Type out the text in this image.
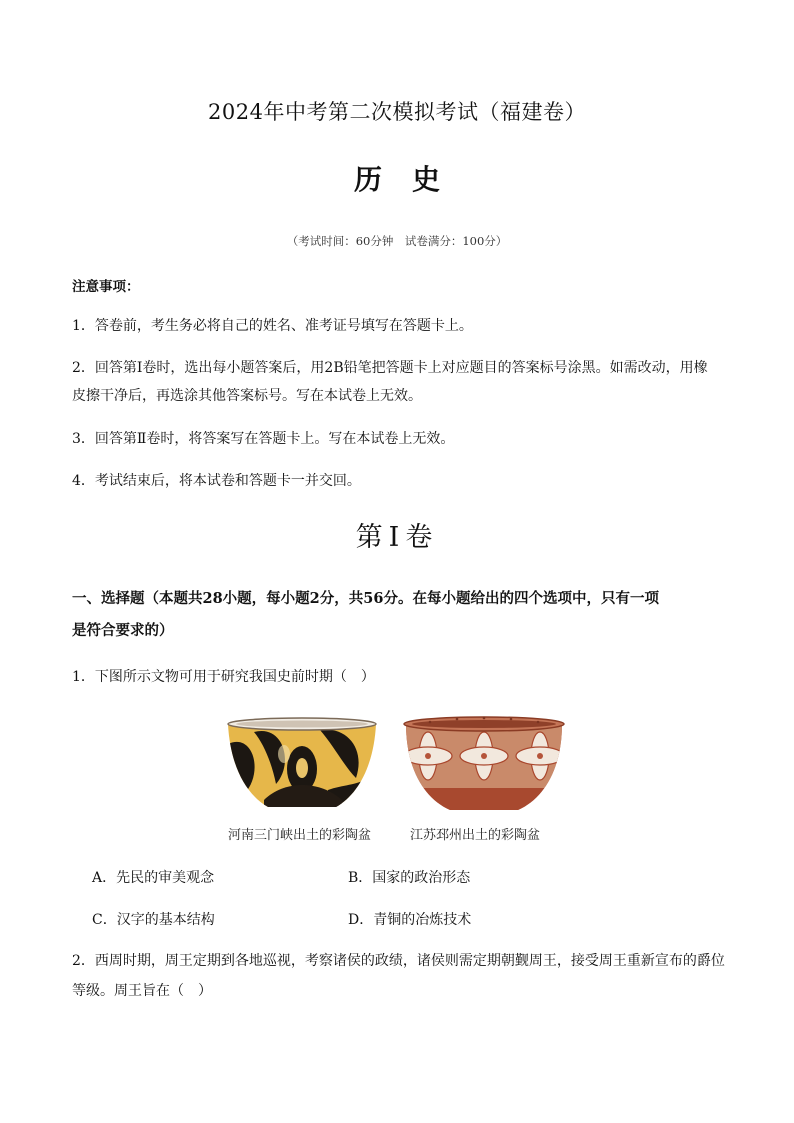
2024年中考第二次模拟考试（福建卷）
历史
（考试时间：60分钟　试卷满分：100分）
注意事项：
1．答卷前，考生务必将自己的姓名、准考证号填写在答题卡上。
2．回答第Ⅰ卷时，选出每小题答案后，用2B铅笔把答题卡上对应题目的答案标号涂黑。如需改动，用橡
皮擦干净后，再选涂其他答案标号。写在本试卷上无效。
3．回答第Ⅱ卷时，将答案写在答题卡上。写在本试卷上无效。
4．考试结束后，将本试卷和答题卡一并交回。
第Ⅰ卷
一、选择题（本题共28小题，每小题2分，共56分。在每小题给出的四个选项中，只有一项
是符合要求的）
1．下图所示文物可用于研究我国史前时期（　）
河南三门峡出土的彩陶盆	江苏邳州出土的彩陶盆
A．先民的审美观念	B．国家的政治形态
C．汉字的基本结构	D．青铜的冶炼技术
2．西周时期，周王定期到各地巡视，考察诸侯的政绩，诸侯则需定期朝觐周王，接受周王重新宣布的爵位
等级。周王旨在（　）
